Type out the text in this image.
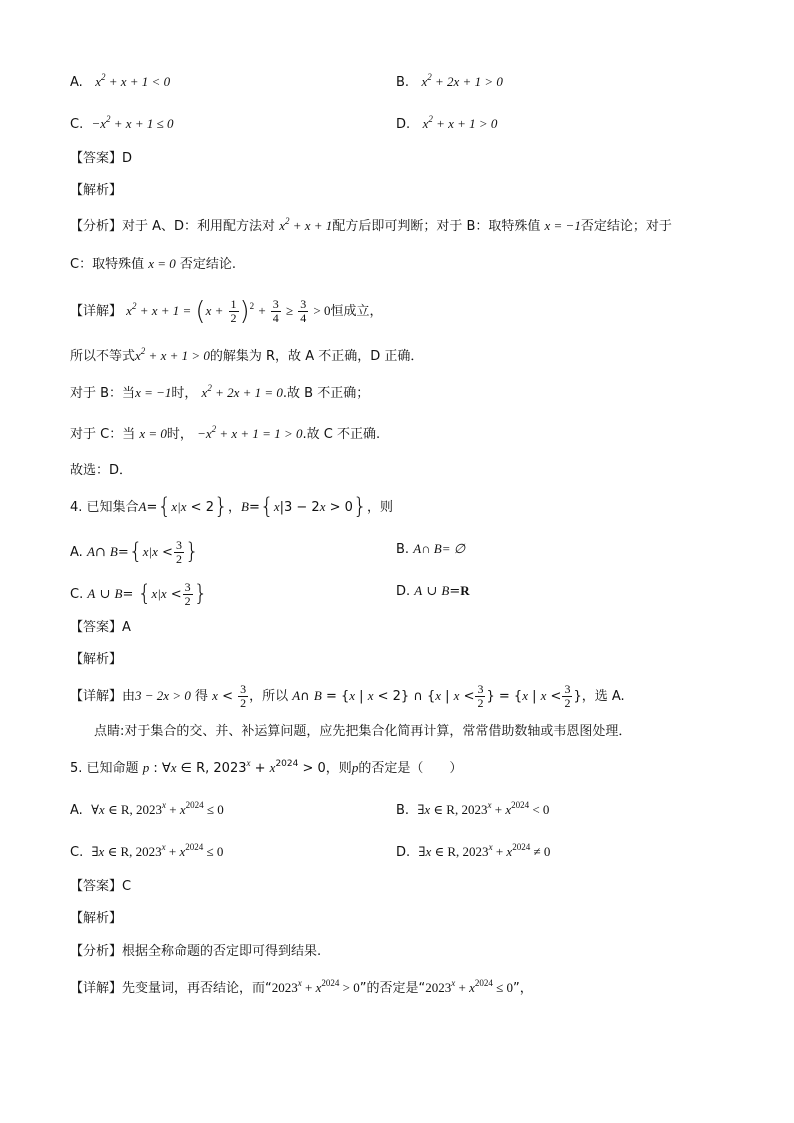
A. $x^2 + x + 1 < 0$	B. $x^2 + 2x + 1 > 0$
C. $-x^2 + x + 1 \le 0$	D. $x^2 + x + 1 > 0$
【答案】D
【解析】
【分析】对于 A、D：利用配方法对 $x^2 + x + 1$配方后即可判断；对于 B：取特殊值 x = −1否定结论；对于
C：取特殊值 x = 0 否定结论.
【详解】 $x^2 + x + 1 = (x + \frac{1}{2} )^2 + \frac{3}{4} \ge \frac{3}{4} > 0$恒成立，
所以不等式$x^2 + x + 1 > 0$的解集为 R，故 A 不正确，D 正确．
对于 B：当x = −1时， $x^2 + 2x + 1 = 0$.故 B 不正确；
对于 C：当 x = 0时， $-x^2 + x + 1 = 1 > 0$.故 C 不正确.
故选：D．
4. 已知集合A={x|x < 2}，B={x|3 − 2x > 0}，则
A. A∩ $B=\{x|x < \frac{3}{2}$ }	B. A∩ B= ∅
C. A ∪ $B= \{x|x < \frac{3}{2}$ }	D. A ∪ B=R
【答案】A
【解析】
【详解】由3 − 2x > 0 得 $x < \frac{3}{2}$ ，所以 A∩ B = {x | x < 2} ∩ {x | $x < \frac{3}{2}$ } = {x | $x < \frac{3}{2}$ }，选 A.
点睛:对于集合的交、并、补运算问题，应先把集合化简再计算，常常借助数轴或韦恩图处理．
5. 已知命题 p : ∀x ∈ R, $2023^x + x^{2024} > 0$，则p的否定是（　　）
A. ∀x ∈ R, $2023^x + x^{2024} \le 0$	B. ∃x ∈ R, $2023^x + x^{2024} < 0$
C. ∃x ∈ R, $2023^x + x^{2024} \le 0$	D. ∃x ∈ R, $2023^x + x^{2024} \ne 0$
【答案】C
【解析】
【分析】根据全称命题的否定即可得到结果.
【详解】先变量词，再否结论，而“$2023^x + x^{2024} > 0$”的否定是“$2023^x + x^{2024} \le 0$”，
